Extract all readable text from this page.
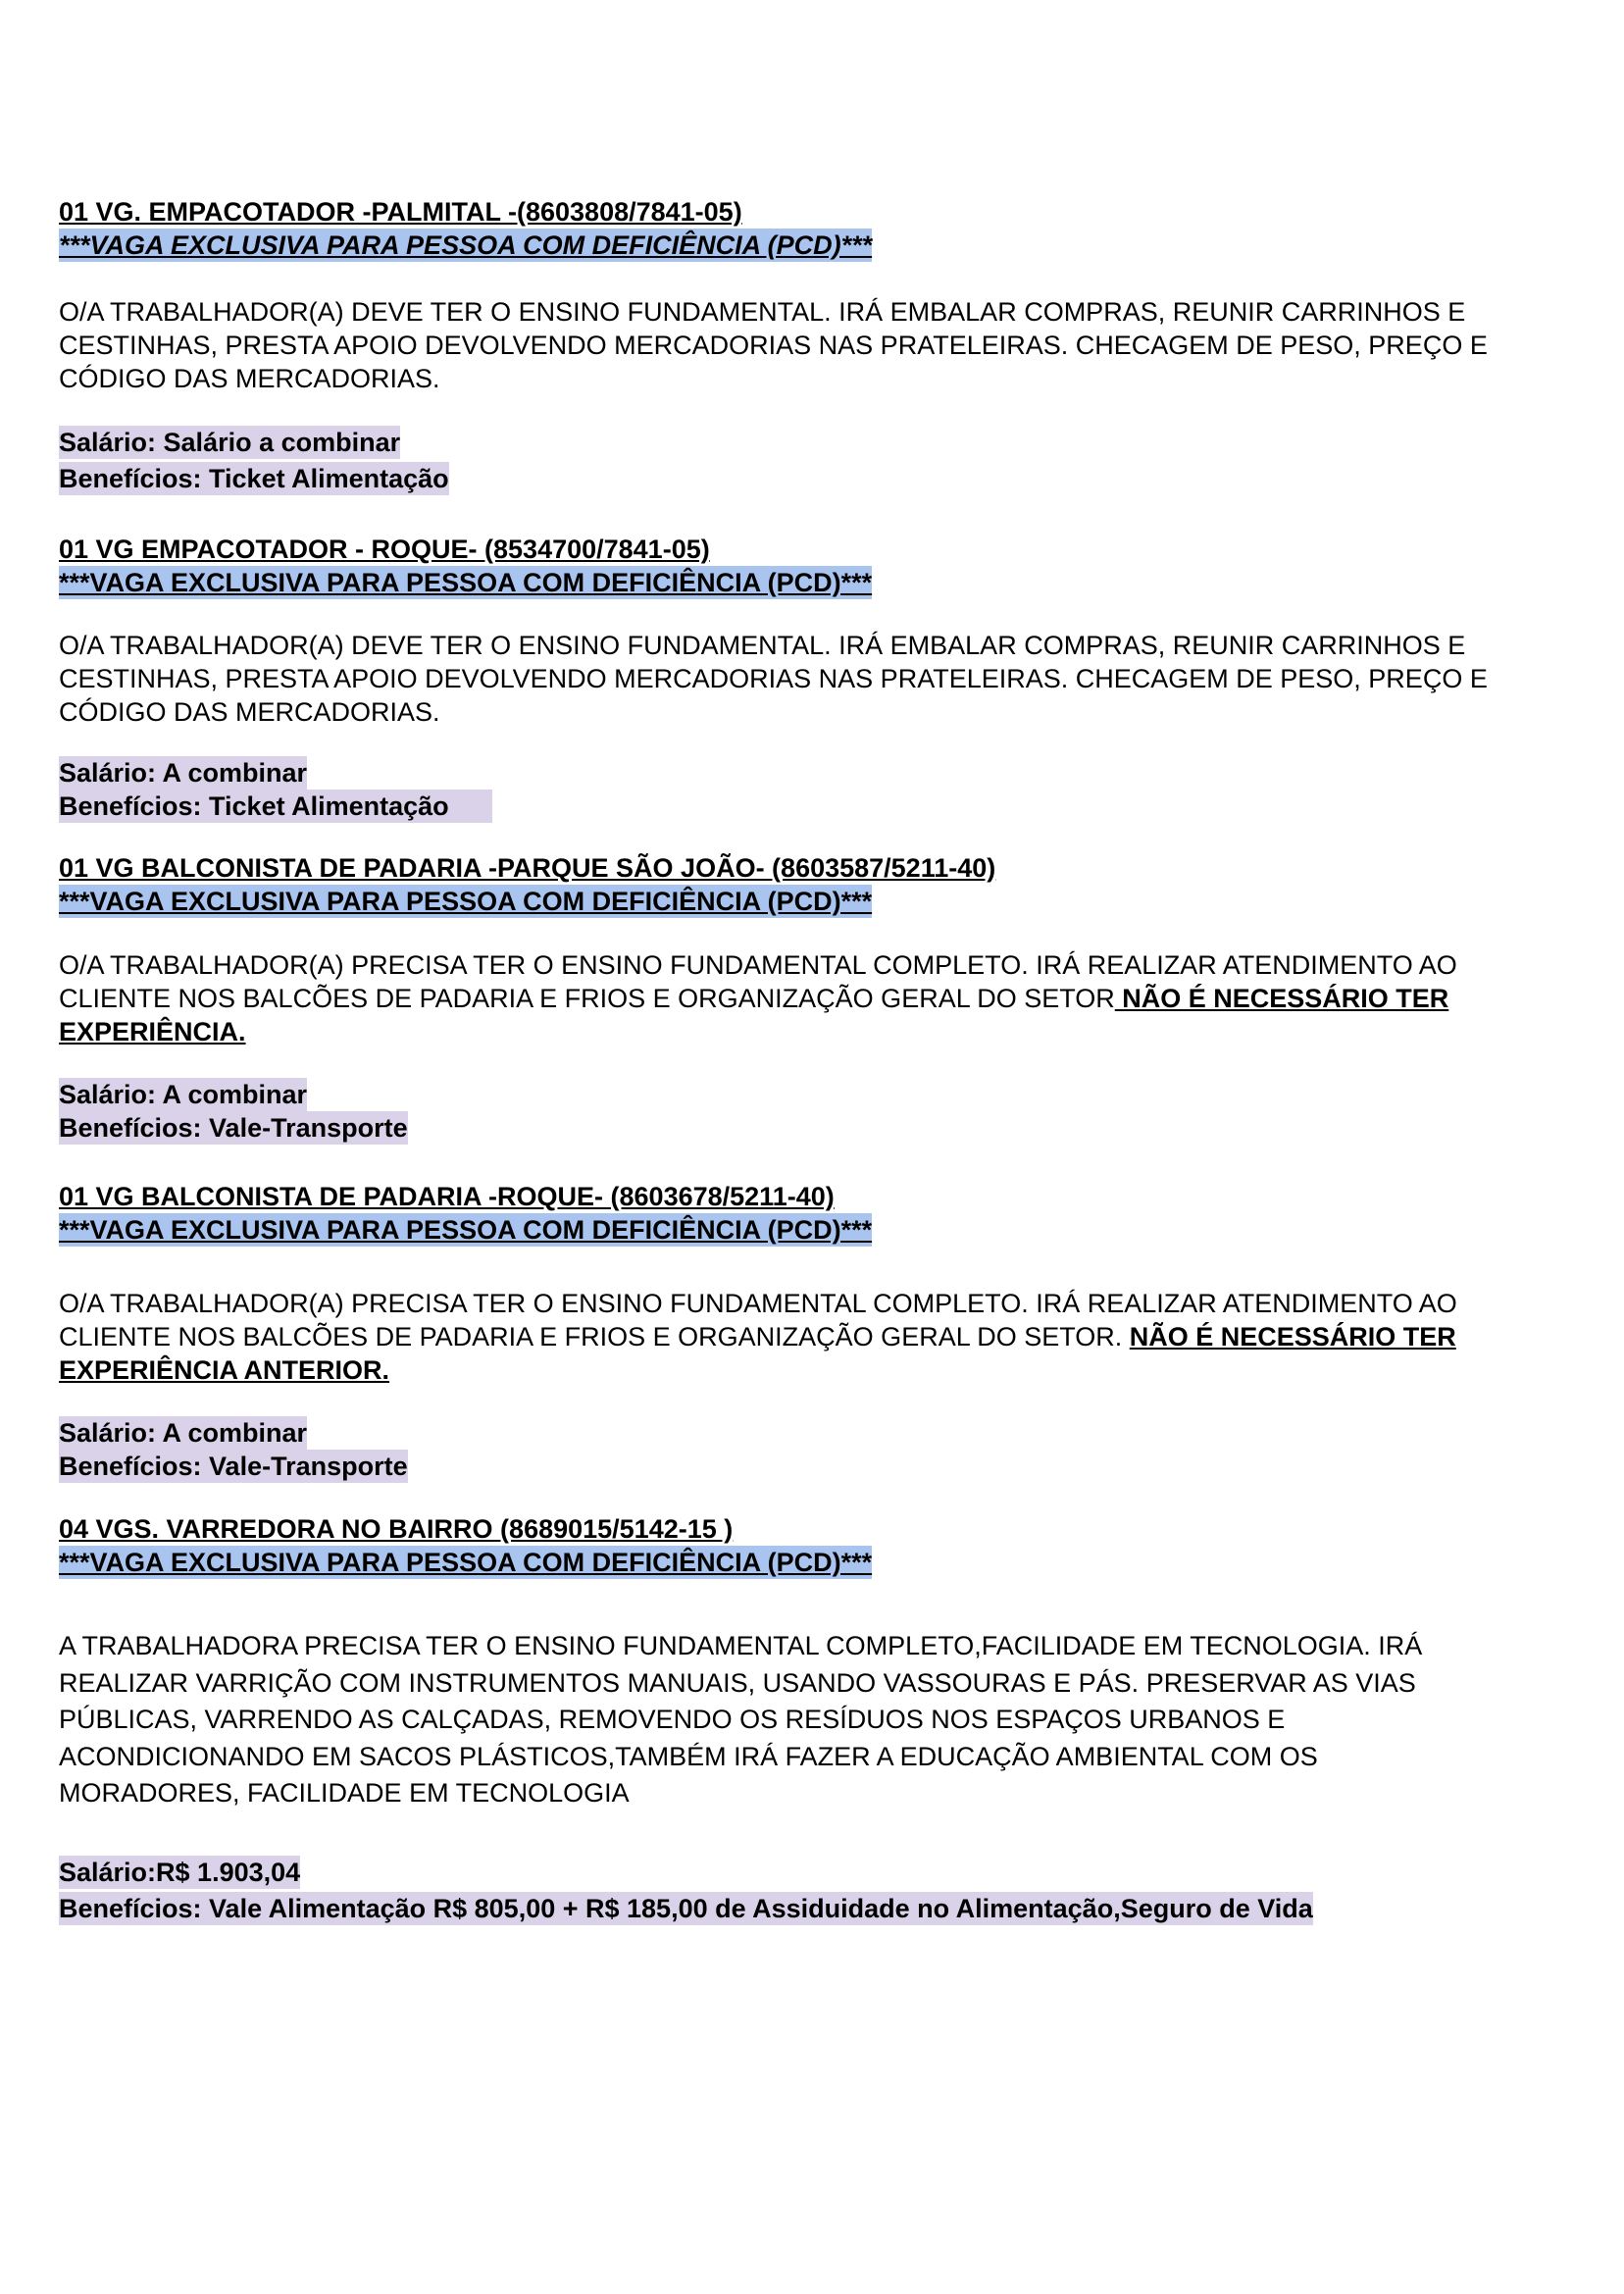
01 VG. EMPACOTADOR -PALMITAL -(8603808/7841-05)

***VAGA EXCLUSIVA PARA PESSOA COM DEFICIÊNCIA (PCD)***

O/A TRABALHADOR(A) DEVE TER O ENSINO FUNDAMENTAL. IRÁ EMBALAR COMPRAS, REUNIR CARRINHOS E

CESTINHAS, PRESTA APOIO DEVOLVENDO MERCADORIAS NAS PRATELEIRAS. CHECAGEM DE PESO, PREÇO E

CÓDIGO DAS MERCADORIAS.

Salário: Salário a combinar
Benefícios: Ticket Alimentação

01 VG EMPACOTADOR - ROQUE- (8534700/7841-05)

***VAGA EXCLUSIVA PARA PESSOA COM DEFICIÊNCIA (PCD)***

O/A TRABALHADOR(A) DEVE TER O ENSINO FUNDAMENTAL. IRÁ EMBALAR COMPRAS, REUNIR CARRINHOS E

CESTINHAS, PRESTA APOIO DEVOLVENDO MERCADORIAS NAS PRATELEIRAS. CHECAGEM DE PESO, PREÇO E

CÓDIGO DAS MERCADORIAS.

Salário: A combinar
Benefícios: Ticket Alimentação

01 VG BALCONISTA DE PADARIA -PARQUE SÃO JOÃO- (8603587/5211-40)

***VAGA EXCLUSIVA PARA PESSOA COM DEFICIÊNCIA (PCD)***

O/A TRABALHADOR(A) PRECISA TER O ENSINO FUNDAMENTAL COMPLETO. IRÁ REALIZAR ATENDIMENTO AO

CLIENTE NOS BALCÕES DE PADARIA E FRIOS E ORGANIZAÇÃO GERAL DO SETOR NÃO É NECESSÁRIO TER

EXPERIÊNCIA.

Salário: A combinar
Benefícios: Vale-Transporte

01 VG BALCONISTA DE PADARIA -ROQUE- (8603678/5211-40)

***VAGA EXCLUSIVA PARA PESSOA COM DEFICIÊNCIA (PCD)***

O/A TRABALHADOR(A) PRECISA TER O ENSINO FUNDAMENTAL COMPLETO. IRÁ REALIZAR ATENDIMENTO AO

CLIENTE NOS BALCÕES DE PADARIA E FRIOS E ORGANIZAÇÃO GERAL DO SETOR. NÃO É NECESSÁRIO TER

EXPERIÊNCIA ANTERIOR.

Salário: A combinar
Benefícios: Vale-Transporte

04 VGS. VARREDORA NO BAIRRO (8689015/5142-15 )

***VAGA EXCLUSIVA PARA PESSOA COM DEFICIÊNCIA (PCD)***

A TRABALHADORA PRECISA TER O ENSINO FUNDAMENTAL COMPLETO,FACILIDADE EM TECNOLOGIA. IRÁ

REALIZAR VARRIÇÃO COM INSTRUMENTOS MANUAIS, USANDO VASSOURAS E PÁS. PRESERVAR AS VIAS

PÚBLICAS, VARRENDO AS CALÇADAS, REMOVENDO OS RESÍDUOS NOS ESPAÇOS URBANOS E

ACONDICIONANDO EM SACOS PLÁSTICOS,TAMBÉM IRÁ FAZER A EDUCAÇÃO AMBIENTAL COM OS

MORADORES, FACILIDADE EM TECNOLOGIA

Salário:R$ 1.903,04
Benefícios: Vale Alimentação R$ 805,00 + R$ 185,00 de Assiduidade no Alimentação,Seguro de Vida
